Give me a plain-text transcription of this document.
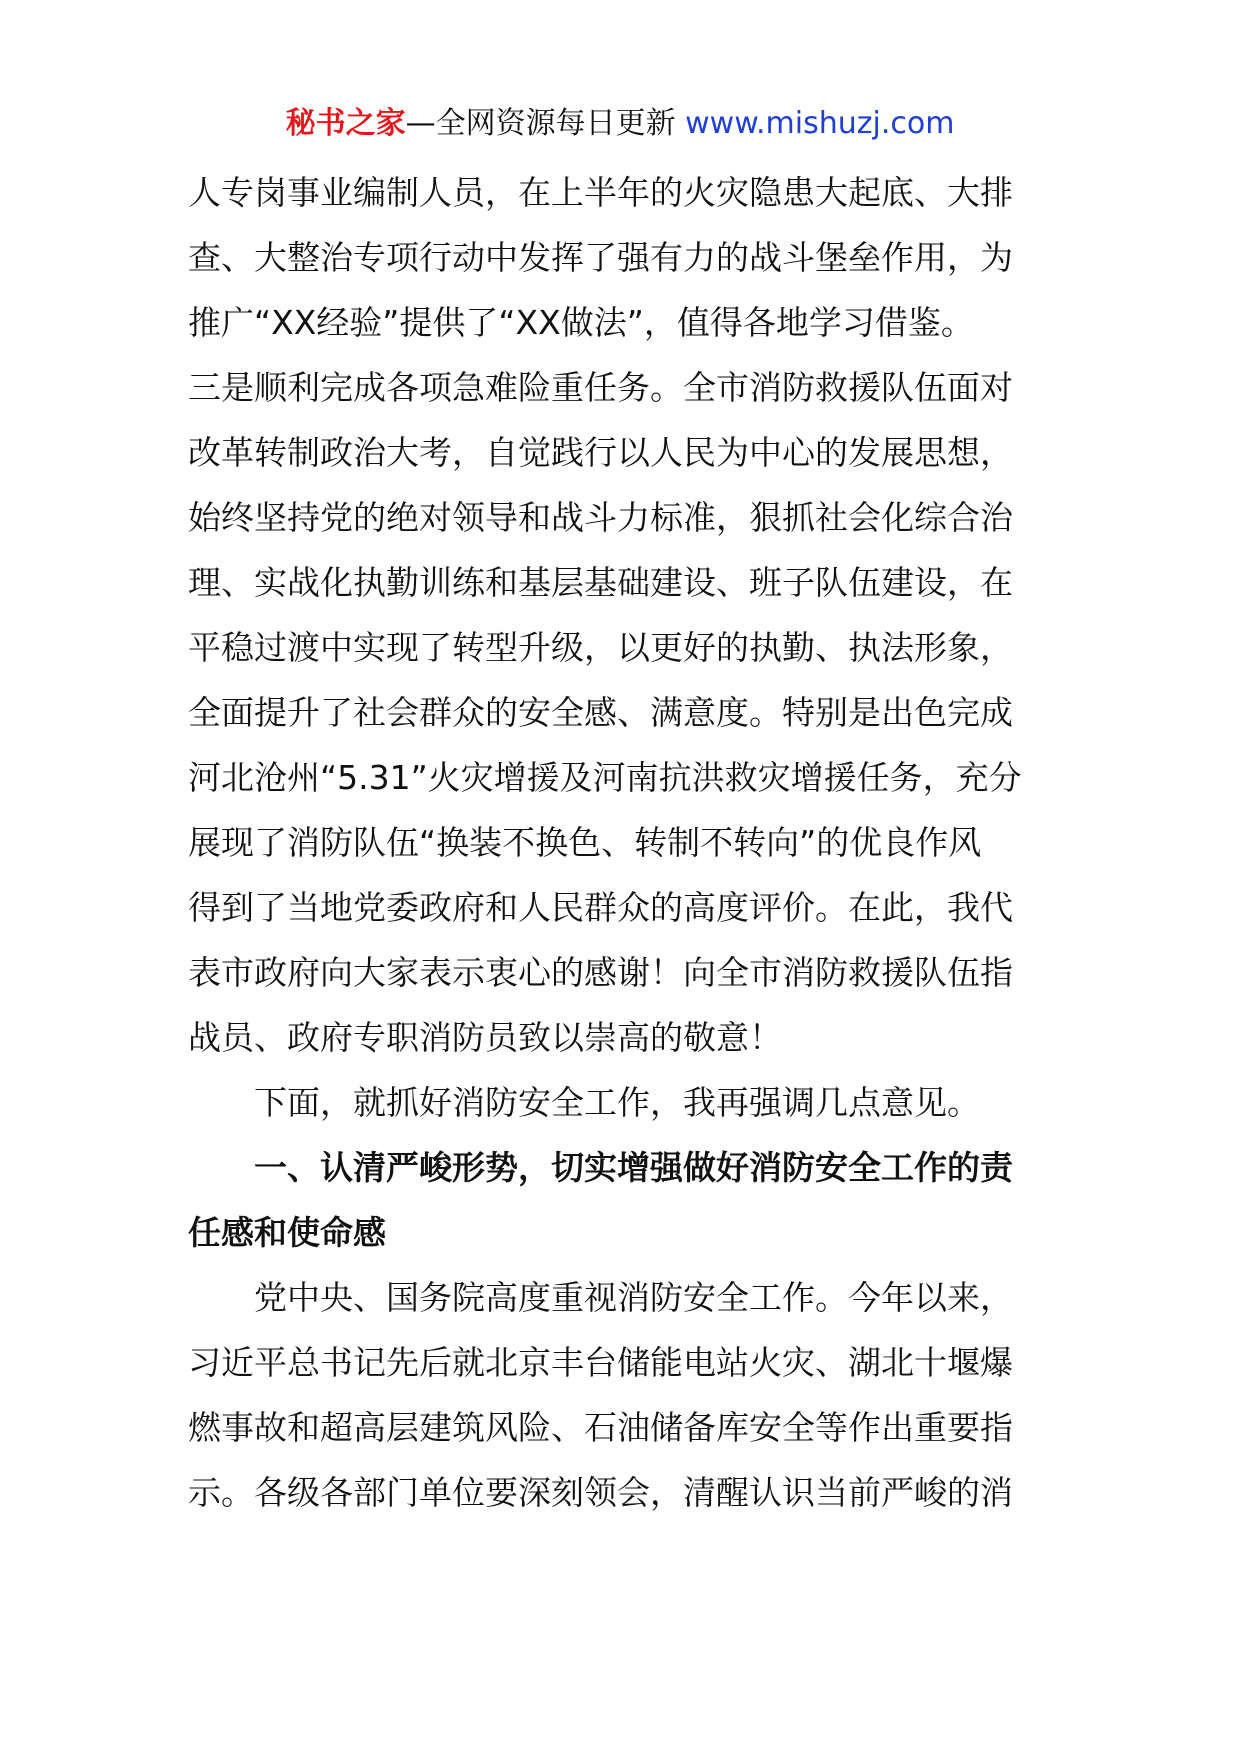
秘书之家—全网资源每日更新 www.mishuzj.com
人专岗事业编制人员，在上半年的火灾隐患大起底、大排
查、大整治专项行动中发挥了强有力的战斗堡垒作用，为
推广“XX经验”提供了“XX做法”，值得各地学习借鉴。
三是顺利完成各项急难险重任务。全市消防救援队伍面对
改革转制政治大考，自觉践行以人民为中心的发展思想，
始终坚持党的绝对领导和战斗力标准，狠抓社会化综合治
理、实战化执勤训练和基层基础建设、班子队伍建设，在
平稳过渡中实现了转型升级，以更好的执勤、执法形象，
全面提升了社会群众的安全感、满意度。特别是出色完成
河北沧州“5.31”火灾增援及河南抗洪救灾增援任务，充分
展现了消防队伍“换装不换色、转制不转向”的优良作风
得到了当地党委政府和人民群众的高度评价。在此，我代
表市政府向大家表示衷心的感谢！向全市消防救援队伍指
战员、政府专职消防员致以崇高的敬意！
下面，就抓好消防安全工作，我再强调几点意见。
一、认清严峻形势，切实增强做好消防安全工作的责
任感和使命感
党中央、国务院高度重视消防安全工作。今年以来，
习近平总书记先后就北京丰台储能电站火灾、湖北十堰爆
燃事故和超高层建筑风险、石油储备库安全等作出重要指
示。各级各部门单位要深刻领会，清醒认识当前严峻的消
